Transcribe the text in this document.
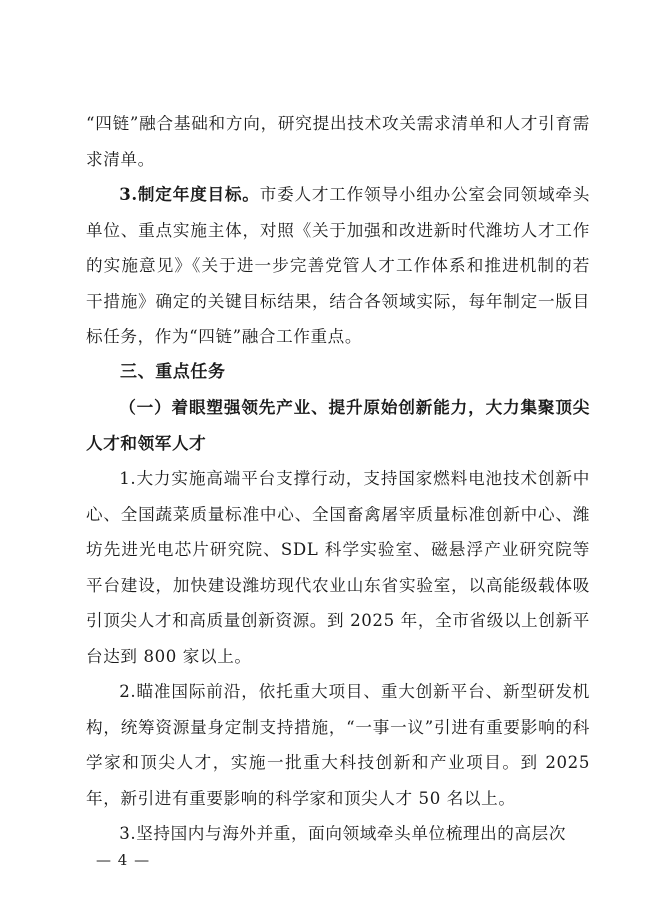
“四链”融合基础和方向，研究提出技术攻关需求清单和人才引育需求清单。

3.制定年度目标。市委人才工作领导小组办公室会同领域牵头单位、重点实施主体，对照《关于加强和改进新时代潍坊人才工作的实施意见》《关于进一步完善党管人才工作体系和推进机制的若干措施》确定的关键目标结果，结合各领域实际，每年制定一版目标任务，作为“四链”融合工作重点。

三、重点任务

（一）着眼塑强领先产业、提升原始创新能力，大力集聚顶尖人才和领军人才

1.大力实施高端平台支撑行动，支持国家燃料电池技术创新中心、全国蔬菜质量标准中心、全国畜禽屠宰质量标准创新中心、潍坊先进光电芯片研究院、SDL 科学实验室、磁悬浮产业研究院等平台建设，加快建设潍坊现代农业山东省实验室，以高能级载体吸引顶尖人才和高质量创新资源。到 2025 年，全市省级以上创新平台达到 800 家以上。

2.瞄准国际前沿，依托重大项目、重大创新平台、新型研发机构，统筹资源量身定制支持措施，“一事一议”引进有重要影响的科学家和顶尖人才，实施一批重大科技创新和产业项目。到 2025 年，新引进有重要影响的科学家和顶尖人才 50 名以上。

3.坚持国内与海外并重，面向领域牵头单位梳理出的高层次

— 4 —
